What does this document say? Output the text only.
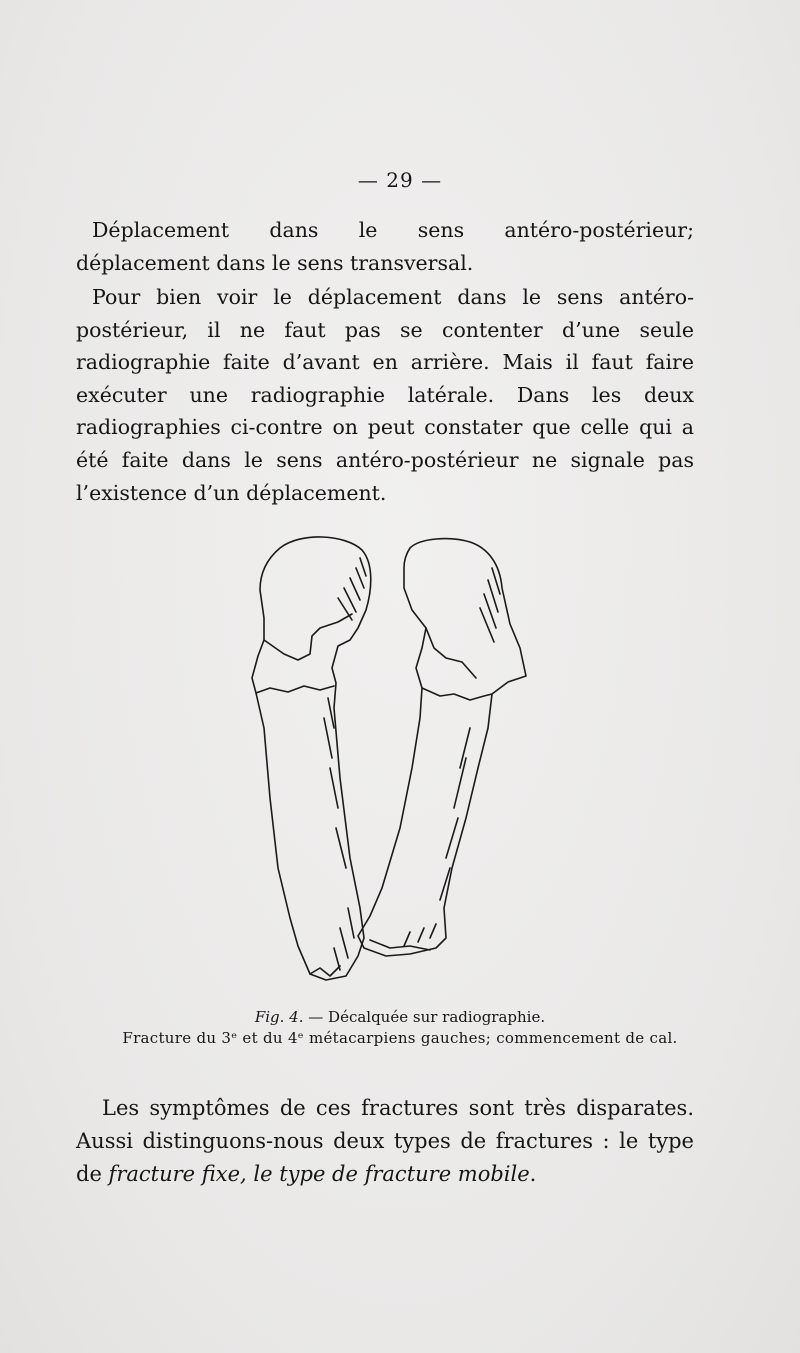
— 29 —

Déplacement dans le sens antéro-postérieur; déplacement dans le sens transversal.

Pour bien voir le déplacement dans le sens antéro-postérieur, il ne faut pas se contenter d’une seule radiographie faite d’avant en arrière. Mais il faut faire exécuter une radiographie latérale. Dans les deux radiographies ci-contre on peut constater que celle qui a été faite dans le sens antéro-postérieur ne signale pas l’existence d’un déplacement.

Fig. 4. — Décalquée sur radiographie.

Fracture du 3ᵉ et du 4ᵉ métacarpiens gauches; commencement de cal.

Les symptômes de ces fractures sont très disparates. Aussi distinguons-nous deux types de fractures : le type de fracture fixe, le type de fracture mobile.
